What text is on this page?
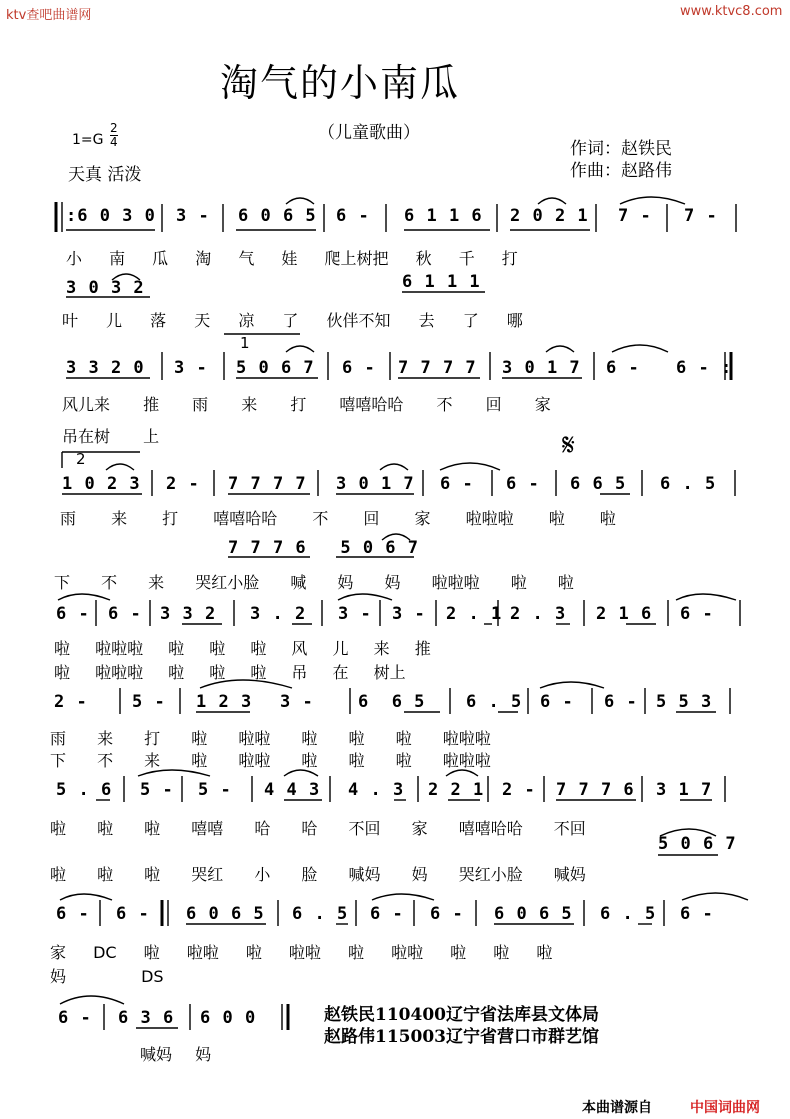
ktv查吧曲谱网	www.ktvc8.com
淘气的小南瓜
（儿童歌曲）
$1=G \frac{2}{4}$
天真 活泼
作词：赵铁民
作曲：赵路伟
:6 0 3 0 3 - 6 0 6 5 6 - 6 1 1 6 2 0 2 1 7 - 7 -
小 南 瓜 淘 气 娃 爬上树把 秋 千 打
3 0 3 2	6 1 1 1
叶 儿 落 天 凉 了 伙伴不知 去 了 哪
1
3 3 2 0 3 - 5 0 6 7 6 - 7 7 7 7 3 0 1 7 6 - 6 - :
风儿来 推 雨 来 打 嘻嘻哈哈 不 回 家
吊在树 上
2	𝄋
1 0 2 3 2 - 7 7 7 7 3 0 1 7 6 - 6 - 6 6 5 6 . 5
雨 来 打 嘻嘻哈哈 不 回 家 啦啦啦 啦 啦
7 7 7 6   5 0 6 7
下 不 来 哭红小脸 喊 妈 妈 啦啦啦 啦 啦
6 - 6 - 3 3 2 3 . 2 3 - 3 - 2 . 1 2 . 3 2 1 6 6 -
啦 啦啦啦 啦 啦 啦 风 儿 来 推
啦 啦啦啦 啦 啦 啦 吊 在 树上
2 -	5 - 1 2 3 3 -	6  6 5 6 . 5 6 - 6 - 5 5 3
雨 来 打 啦 啦啦 啦 啦 啦 啦啦啦
下 不 来 啦 啦啦 啦 啦 啦 啦啦啦
5 . 6 5 - 5 - 4 4 3 4 . 3 2 2 1 2 - 7 7 7 6 3 1 7
啦 啦 啦 嘻嘻 哈 哈 不回 家 嘻嘻哈哈 不回
5 0 6 7
啦 啦 啦 哭红 小 脸 喊妈 妈 哭红小脸 喊妈
6 - 6 - 6 0 6 5 6 . 5 6 - 6 - 6 0 6 5 6 . 5 6 -
家 DC 啦 啦啦 啦 啦啦 啦 啦啦 啦 啦 啦
妈 DS
6 - 6 3 6 6 0 0
喊妈 妈
赵铁民110400辽宁省法库县文体局
赵路伟115003辽宁省营口市群艺馆
本曲谱源自	中国词曲网
